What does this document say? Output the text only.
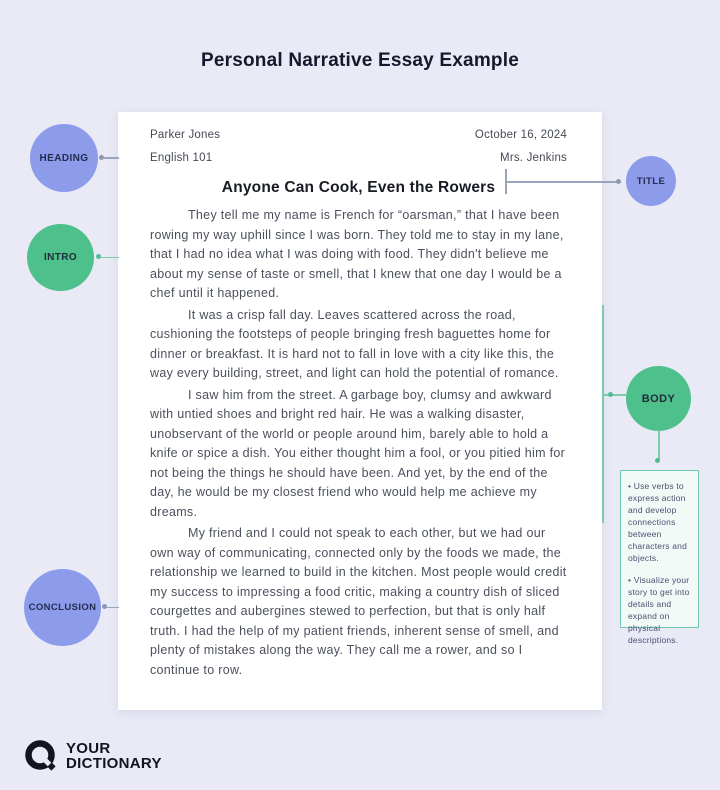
Personal Narrative Essay Example
Parker Jones	October 16, 2024
English 101	Mrs. Jenkins
Anyone Can Cook, Even the Rowers

They tell me my name is French for “oarsman,” that I have been rowing my way uphill since I was born. They told me to stay in my lane, that I had no idea what I was doing with food. They didn't believe me about my sense of taste or smell, that I knew that one day I would be a chef until it happened.

It was a crisp fall day. Leaves scattered across the road, cushioning the footsteps of people bringing fresh baguettes home for dinner or breakfast. It is hard not to fall in love with a city like this, the way every building, street, and light can hold the potential of romance.

I saw him from the street. A garbage boy, clumsy and awkward with untied shoes and bright red hair. He was a walking disaster, unobservant of the world or people around him, barely able to hold a knife or spice a dish. You either thought him a fool, or you pitied him for not being the things he should have been. And yet, by the end of the day, he would be my closest friend who would help me achieve my dreams.

My friend and I could not speak to each other, but we had our own way of communicating, connected only by the foods we made, the relationship we learned to build in the kitchen. Most people would credit my success to impressing a food critic, making a country dish of sliced courgettes and aubergines stewed to perfection, but that is only half truth. I had the help of my patient friends, inherent sense of smell, and plenty of mistakes along the way. They call me a rower, and so I continue to row.

HEADING
INTRO
CONCLUSION
TITLE
BODY
• Use verbs to express action and develop connections between characters and objects.
• Visualize your story to get into details and expand on physical descriptions.
YOUR
DICTIONARY
